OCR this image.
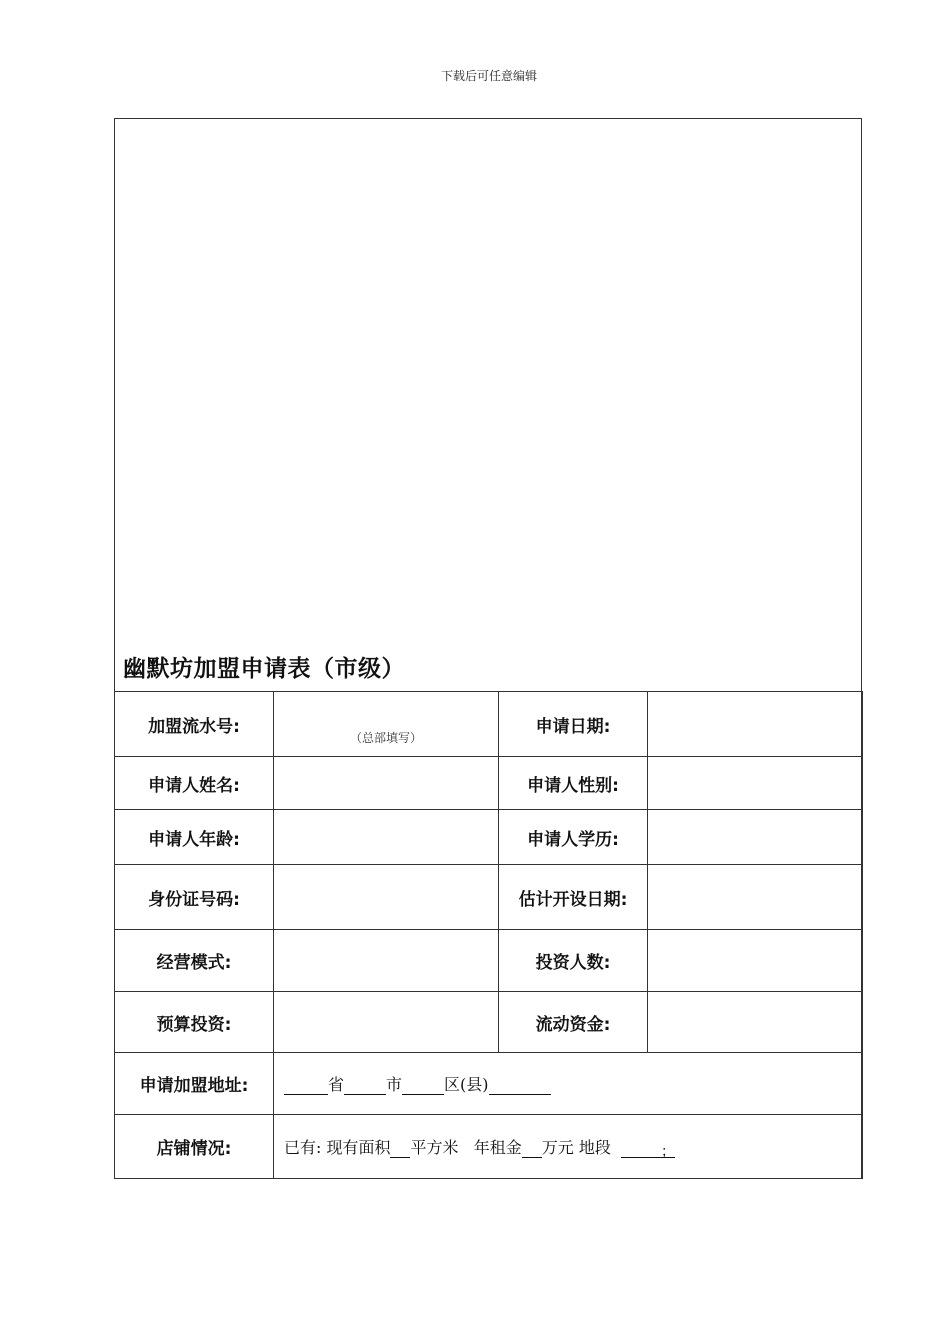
下载后可任意编辑
幽默坊加盟申请表（市级）
加盟流水号:	（总部填写）	申请日期:	
申请人姓名:		申请人性别:	
申请人年龄:		申请人学历:	
身份证号码:		估计开设日期:	
经营模式:		投资人数:	
预算投资:		流动资金:	
申请加盟地址:	省 市 区(县)		
店铺情况:	已有: 现有面积 平方米 年租金 万元 地段 ；		
